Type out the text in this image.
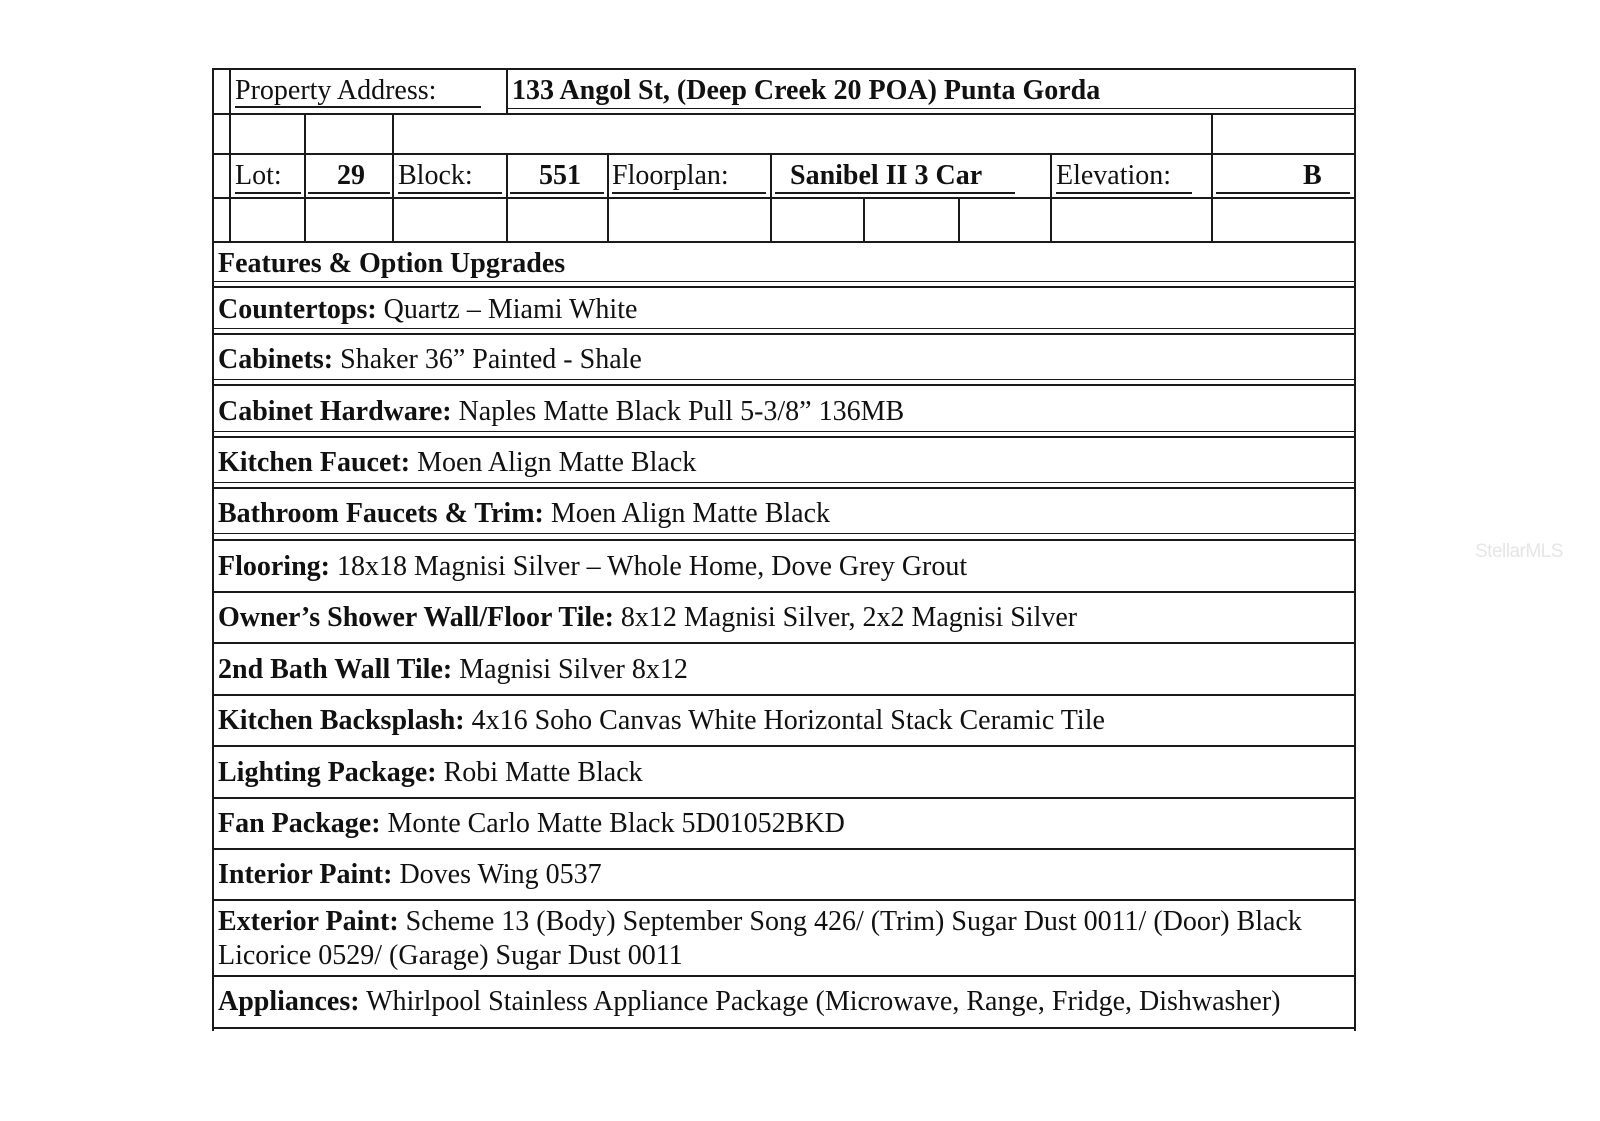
Property Address:	133 Angol St, (Deep Creek 20 POA) Punta Gorda
Lot: 29 Block: 551 Floorplan: Sanibel II 3 Car	Elevation:	B
Features & Option Upgrades
Countertops: Quartz – Miami White
Cabinets: Shaker 36” Painted - Shale
Cabinet Hardware: Naples Matte Black Pull 5-3/8” 136MB
Kitchen Faucet: Moen Align Matte Black
Bathroom Faucets & Trim: Moen Align Matte Black
Flooring: 18x18 Magnisi Silver – Whole Home, Dove Grey Grout
Owner’s Shower Wall/Floor Tile: 8x12 Magnisi Silver, 2x2 Magnisi Silver
2nd Bath Wall Tile: Magnisi Silver 8x12
Kitchen Backsplash: 4x16 Soho Canvas White Horizontal Stack Ceramic Tile
Lighting Package: Robi Matte Black
Fan Package: Monte Carlo Matte Black 5D01052BKD
Interior Paint: Doves Wing 0537
Exterior Paint: Scheme 13 (Body) September Song 426/ (Trim) Sugar Dust 0011/ (Door) Black
Licorice 0529/ (Garage) Sugar Dust 0011
Appliances: Whirlpool Stainless Appliance Package (Microwave, Range, Fridge, Dishwasher)
StellarMLS
